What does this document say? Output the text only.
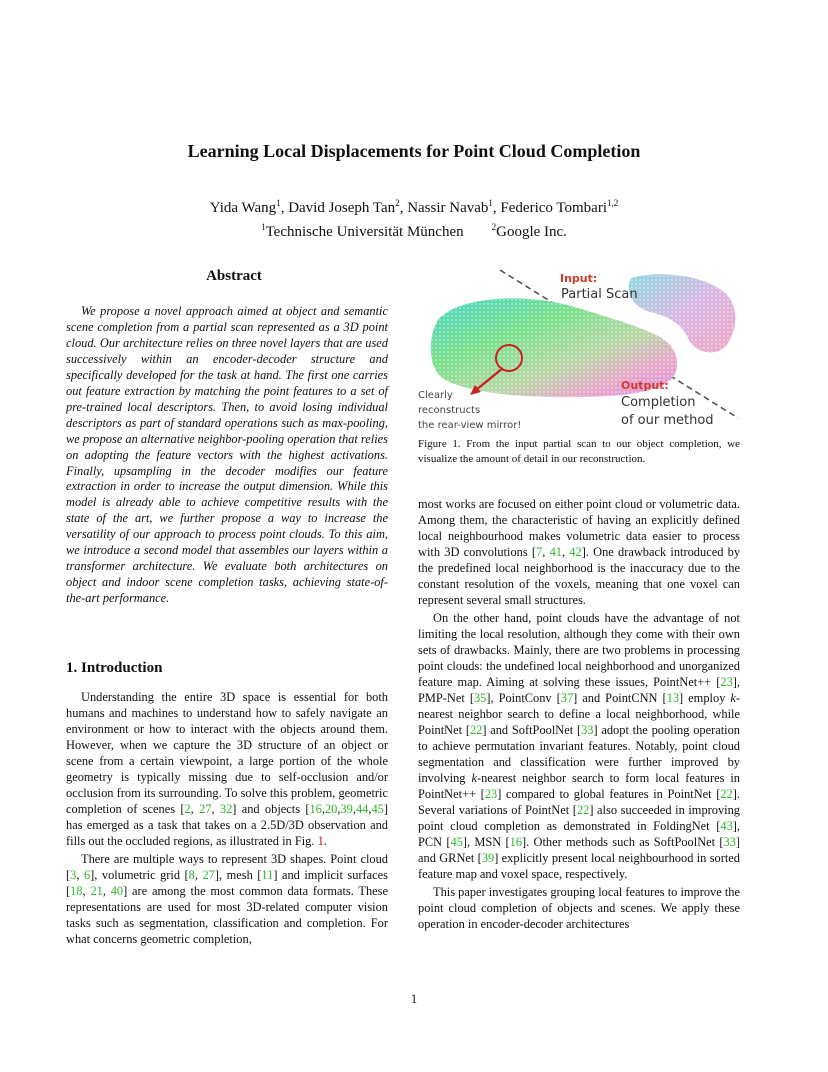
Learning Local Displacements for Point Cloud Completion
Yida Wang$^1$, David Joseph Tan$^2$, Nassir Navab$^1$, Federico Tombari$^{1,2}$
$^1$Technische Universität München	$^2$Google Inc.
Abstract

We propose a novel approach aimed at object and semantic scene completion from a partial scan represented as a 3D point cloud. Our architecture relies on three novel layers that are used successively within an encoder-decoder structure and specifically developed for the task at hand. The first one carries out feature extraction by matching the point features to a set of pre-trained local descriptors. Then, to avoid losing individual descriptors as part of standard operations such as max-pooling, we propose an alternative neighbor-pooling operation that relies on adopting the feature vectors with the highest activations. Finally, upsampling in the decoder modifies our feature extraction in order to increase the output dimension. While this model is already able to achieve competitive results with the state of the art, we further propose a way to increase the versatility of our approach to process point clouds. To this aim, we introduce a second model that assembles our layers within a transformer architecture. We evaluate both architectures on object and indoor scene completion tasks, achieving state-of-the-art performance.

1. Introduction

Understanding the entire 3D space is essential for both humans and machines to understand how to safely navigate an environment or how to interact with the objects around them. However, when we capture the 3D structure of an object or scene from a certain viewpoint, a large portion of the whole geometry is typically missing due to self-occlusion and/or occlusion from its surrounding. To solve this problem, geometric completion of scenes [2, 27, 32] and objects [16,20,39,44,45] has emerged as a task that takes on a 2.5D/3D observation and fills out the occluded regions, as illustrated in Fig. 1.

There are multiple ways to represent 3D shapes. Point cloud [3, 6], volumetric grid [8, 27], mesh [11] and implicit surfaces [18, 21, 40] are among the most common data formats. These representations are used for most 3D-related computer vision tasks such as segmentation, classification and completion. For what concerns geometric completion,

Input:
Partial Scan
Output:
Completion
of our method
Clearly
reconstructs
the rear-view mirror!

Figure 1. From the input partial scan to our object completion, we visualize the amount of detail in our reconstruction.

most works are focused on either point cloud or volumetric data. Among them, the characteristic of having an explicitly defined local neighbourhood makes volumetric data easier to process with 3D convolutions [7, 41, 42]. One drawback introduced by the predefined local neighborhood is the inaccuracy due to the constant resolution of the voxels, meaning that one voxel can represent several small structures.

On the other hand, point clouds have the advantage of not limiting the local resolution, although they come with their own sets of drawbacks. Mainly, there are two problems in processing point clouds: the undefined local neighborhood and unorganized feature map. Aiming at solving these issues, PointNet++ [23], PMP-Net [35], PointConv [37] and PointCNN [13] employ k-nearest neighbor search to define a local neighborhood, while PointNet [22] and SoftPoolNet [33] adopt the pooling operation to achieve permutation invariant features. Notably, point cloud segmentation and classification were further improved by involving k-nearest neighbor search to form local features in PointNet++ [23] compared to global features in PointNet [22]. Several variations of PointNet [22] also succeeded in improving point cloud completion as demonstrated in FoldingNet [43], PCN [45], MSN [16]. Other methods such as SoftPoolNet [33] and GRNet [39] explicitly present local neighbourhood in sorted feature map and voxel space, respectively.

This paper investigates grouping local features to improve the point cloud completion of objects and scenes. We apply these operation in encoder-decoder architectures

1
